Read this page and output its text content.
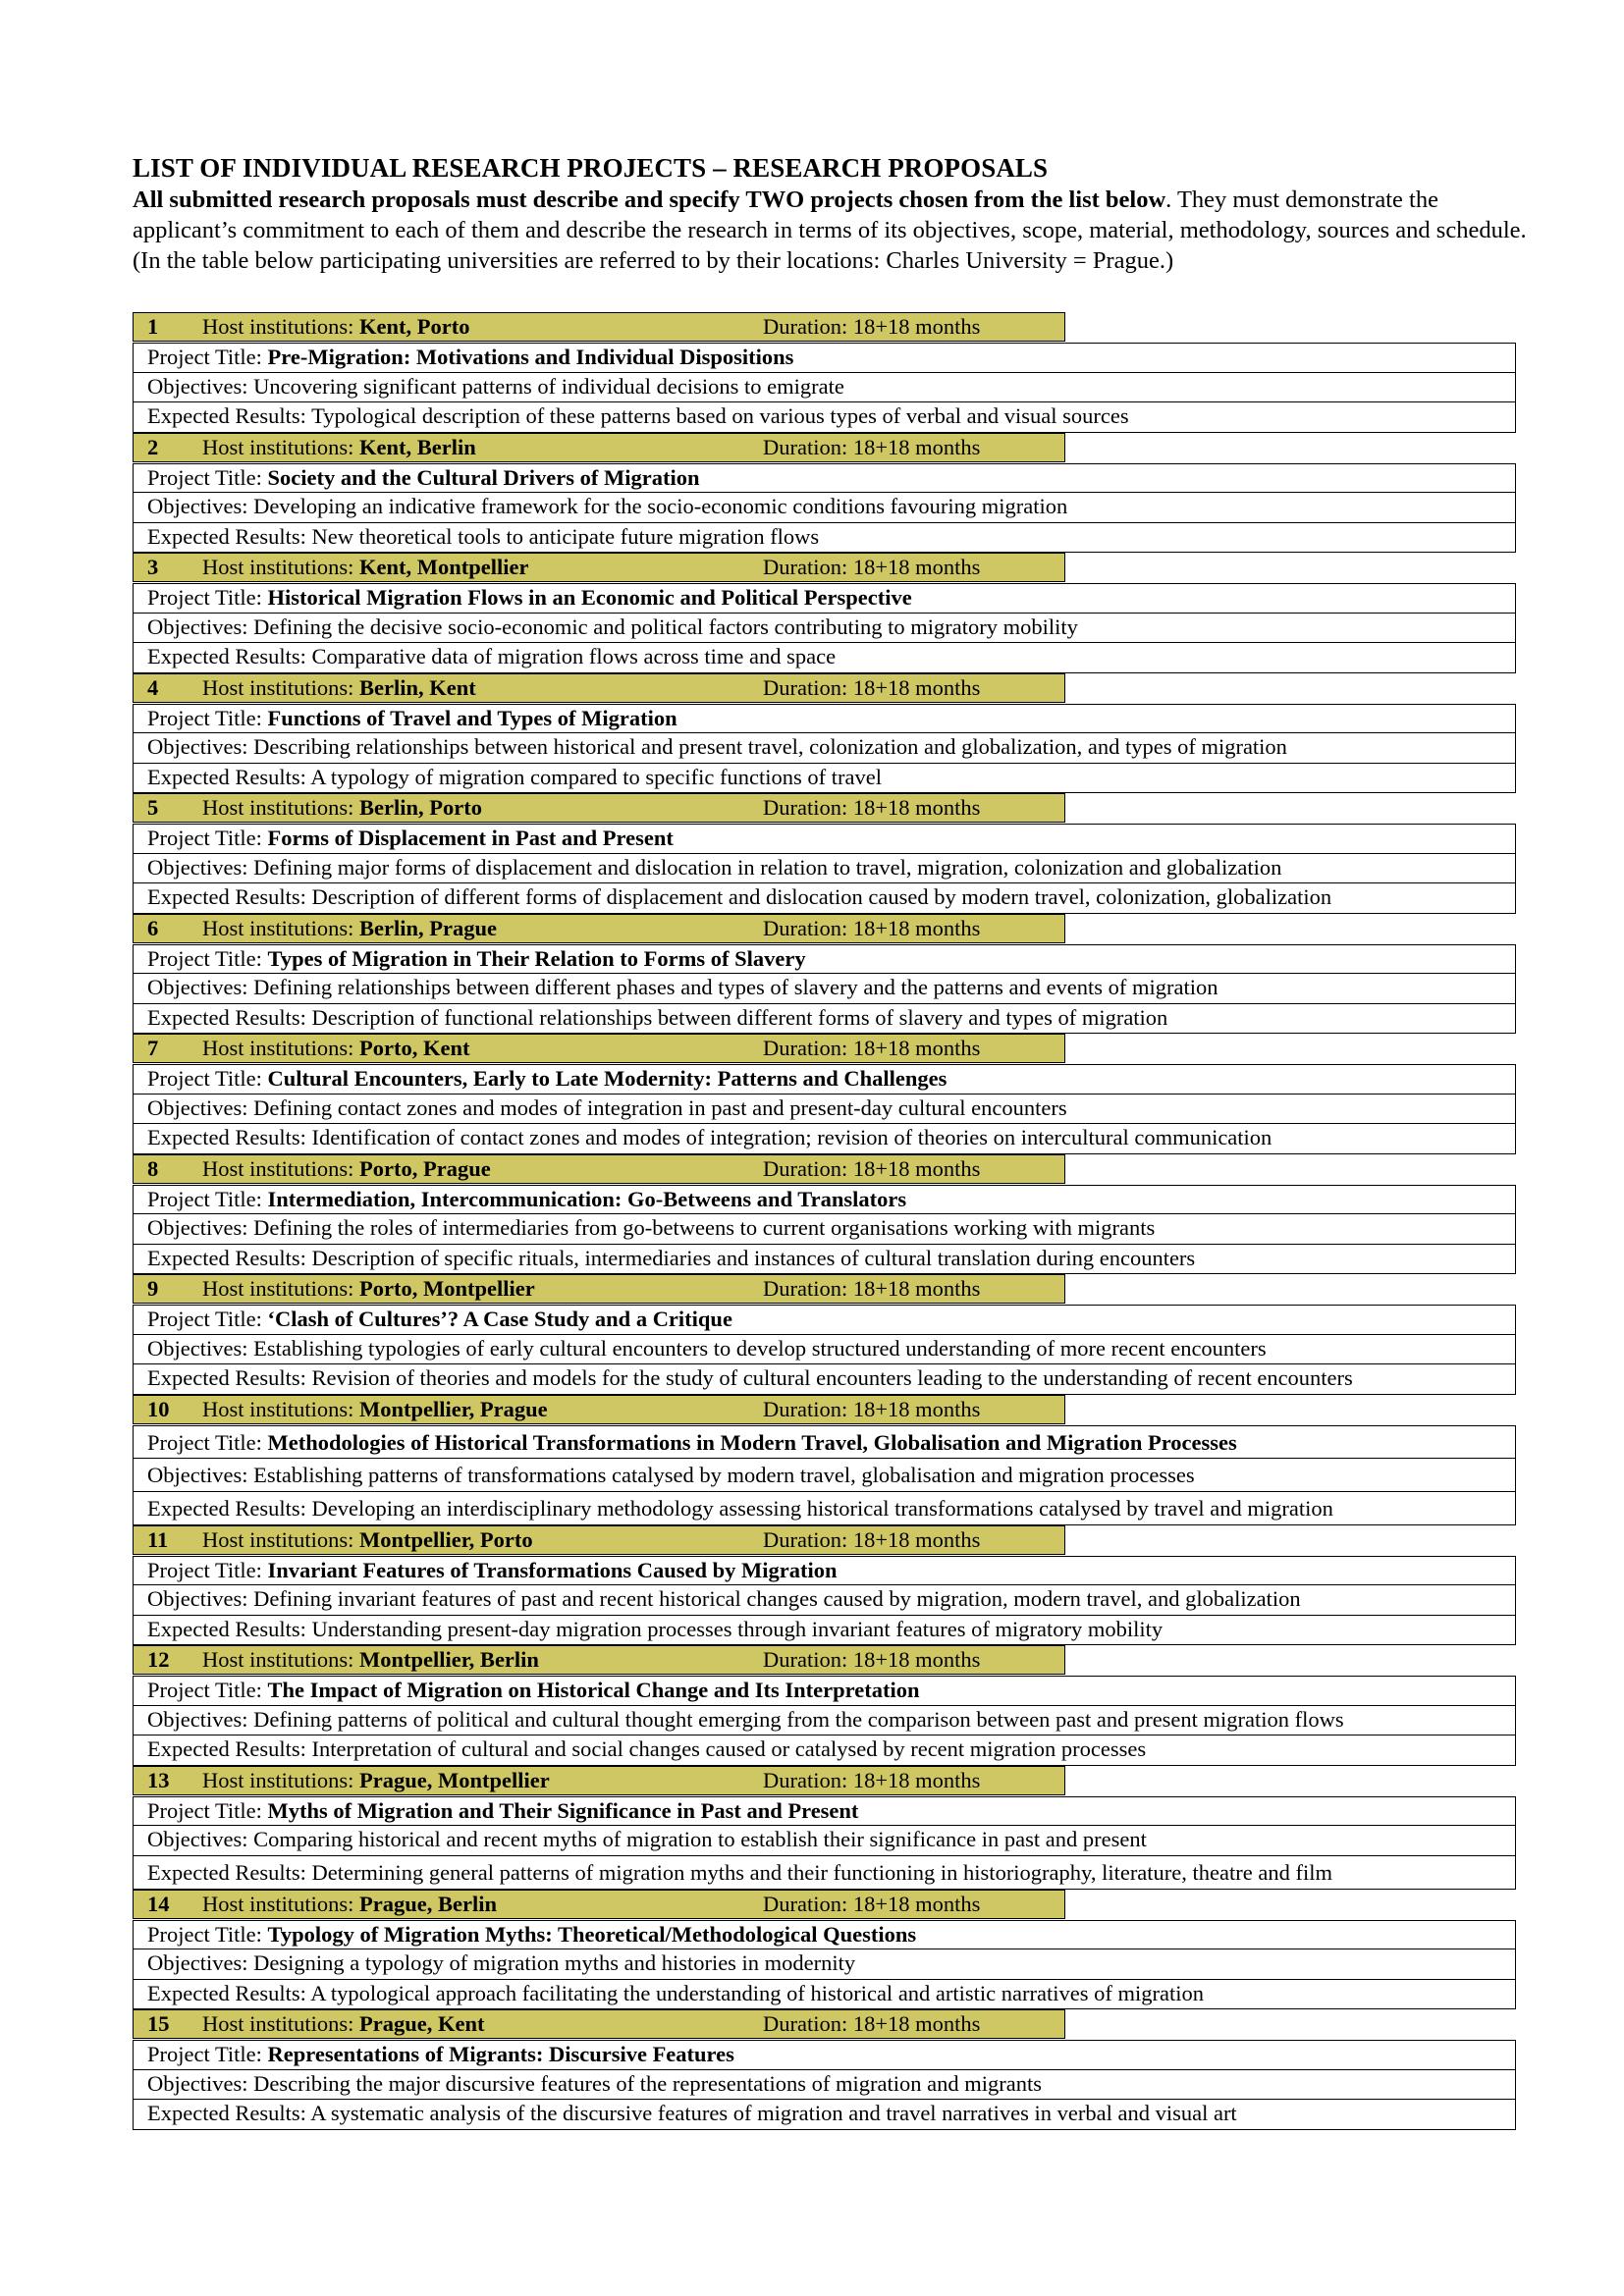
LIST OF INDIVIDUAL RESEARCH PROJECTS – RESEARCH PROPOSALS

All submitted research proposals must describe and specify TWO projects chosen from the list below. They must demonstrate the applicant’s commitment to each of them and describe the research in terms of its objectives, scope, material, methodology, sources and schedule.

(In the table below participating universities are referred to by their locations: Charles University = Prague.)

1	Host institutions: Kent, Porto	Duration: 18+18 months
Project Title: Pre-Migration: Motivations and Individual Dispositions
Objectives: Uncovering significant patterns of individual decisions to emigrate
Expected Results: Typological description of these patterns based on various types of verbal and visual sources
2	Host institutions: Kent, Berlin	Duration: 18+18 months
Project Title: Society and the Cultural Drivers of Migration
Objectives: Developing an indicative framework for the socio-economic conditions favouring migration
Expected Results: New theoretical tools to anticipate future migration flows
3	Host institutions: Kent, Montpellier	Duration: 18+18 months
Project Title: Historical Migration Flows in an Economic and Political Perspective
Objectives: Defining the decisive socio-economic and political factors contributing to migratory mobility
Expected Results: Comparative data of migration flows across time and space
4	Host institutions: Berlin, Kent	Duration: 18+18 months
Project Title: Functions of Travel and Types of Migration
Objectives: Describing relationships between historical and present travel, colonization and globalization, and types of migration
Expected Results: A typology of migration compared to specific functions of travel
5	Host institutions: Berlin, Porto	Duration: 18+18 months
Project Title: Forms of Displacement in Past and Present
Objectives: Defining major forms of displacement and dislocation in relation to travel, migration, colonization and globalization
Expected Results: Description of different forms of displacement and dislocation caused by modern travel, colonization, globalization
6	Host institutions: Berlin, Prague	Duration: 18+18 months
Project Title: Types of Migration in Their Relation to Forms of Slavery
Objectives: Defining relationships between different phases and types of slavery and the patterns and events of migration
Expected Results: Description of functional relationships between different forms of slavery and types of migration
7	Host institutions: Porto, Kent	Duration: 18+18 months
Project Title: Cultural Encounters, Early to Late Modernity: Patterns and Challenges
Objectives: Defining contact zones and modes of integration in past and present-day cultural encounters
Expected Results: Identification of contact zones and modes of integration; revision of theories on intercultural communication
8	Host institutions: Porto, Prague	Duration: 18+18 months
Project Title: Intermediation, Intercommunication: Go-Betweens and Translators
Objectives: Defining the roles of intermediaries from go-betweens to current organisations working with migrants
Expected Results: Description of specific rituals, intermediaries and instances of cultural translation during encounters
9	Host institutions: Porto, Montpellier	Duration: 18+18 months
Project Title: ‘Clash of Cultures’? A Case Study and a Critique
Objectives: Establishing typologies of early cultural encounters to develop structured understanding of more recent encounters
Expected Results: Revision of theories and models for the study of cultural encounters leading to the understanding of recent encounters
10	Host institutions: Montpellier, Prague	Duration: 18+18 months
Project Title: Methodologies of Historical Transformations in Modern Travel, Globalisation and Migration Processes
Objectives: Establishing patterns of transformations catalysed by modern travel, globalisation and migration processes
Expected Results: Developing an interdisciplinary methodology assessing historical transformations catalysed by travel and migration
11	Host institutions: Montpellier, Porto	Duration: 18+18 months
Project Title: Invariant Features of Transformations Caused by Migration
Objectives: Defining invariant features of past and recent historical changes caused by migration, modern travel, and globalization
Expected Results: Understanding present-day migration processes through invariant features of migratory mobility
12	Host institutions: Montpellier, Berlin	Duration: 18+18 months
Project Title: The Impact of Migration on Historical Change and Its Interpretation
Objectives: Defining patterns of political and cultural thought emerging from the comparison between past and present migration flows
Expected Results: Interpretation of cultural and social changes caused or catalysed by recent migration processes
13	Host institutions: Prague, Montpellier	Duration: 18+18 months
Project Title: Myths of Migration and Their Significance in Past and Present
Objectives: Comparing historical and recent myths of migration to establish their significance in past and present
Expected Results: Determining general patterns of migration myths and their functioning in historiography, literature, theatre and film
14	Host institutions: Prague, Berlin	Duration: 18+18 months
Project Title: Typology of Migration Myths: Theoretical/Methodological Questions
Objectives: Designing a typology of migration myths and histories in modernity
Expected Results: A typological approach facilitating the understanding of historical and artistic narratives of migration
15	Host institutions: Prague, Kent	Duration: 18+18 months
Project Title: Representations of Migrants: Discursive Features
Objectives: Describing the major discursive features of the representations of migration and migrants
Expected Results: A systematic analysis of the discursive features of migration and travel narratives in verbal and visual art
